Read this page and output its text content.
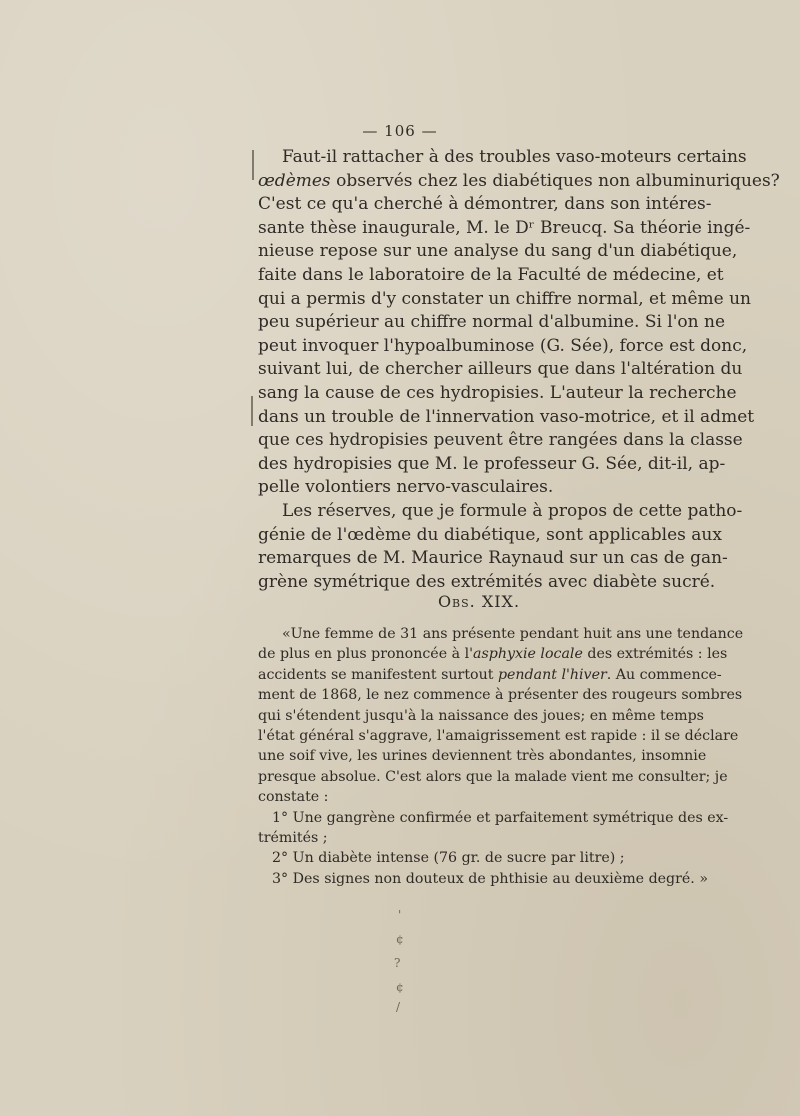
— 106 —

Faut-il rattacher à des troubles vaso-moteurs certains
œdèmes observés chez les diabétiques non albuminuriques?
C'est ce qu'a cherché à démontrer, dans son intéres-
sante thèse inaugurale, M. le Dʳ Breucq. Sa théorie ingé-
nieuse repose sur une analyse du sang d'un diabétique,
faite dans le laboratoire de la Faculté de médecine, et
qui a permis d'y constater un chiffre normal, et même un
peu supérieur au chiffre normal d'albumine. Si l'on ne
peut invoquer l'hypoalbuminose (G. Sée), force est donc,
suivant lui, de chercher ailleurs que dans l'altération du
sang la cause de ces hydropisies. L'auteur la recherche
dans un trouble de l'innervation vaso-motrice, et il admet
que ces hydropisies peuvent être rangées dans la classe
des hydropisies que M. le professeur G. Sée, dit-il, ap-
pelle volontiers nervo-vasculaires.

Les réserves, que je formule à propos de cette patho-
génie de l'œdème du diabétique, sont applicables aux
remarques de M. Maurice Raynaud sur un cas de gan-
grène symétrique des extrémités avec diabète sucré.

Obs. XIX.
«Une femme de 31 ans présente pendant huit ans une tendance
de plus en plus prononcée à l'asphyxie locale des extrémités : les
accidents se manifestent surtout pendant l'hiver. Au commence-
ment de 1868, le nez commence à présenter des rougeurs sombres
qui s'étendent jusqu'à la naissance des joues; en même temps
l'état général s'aggrave, l'amaigrissement est rapide : il se déclare
une soif vive, les urines deviennent très abondantes, insomnie
presque absolue. C'est alors que la malade vient me consulter; je
constate :
1° Une gangrène confirmée et parfaitement symétrique des ex-
trémités ;
2° Un diabète intense (76 gr. de sucre par litre) ;
3° Des signes non douteux de phthisie au deuxième degré. »
'
¢
?
¢
/
